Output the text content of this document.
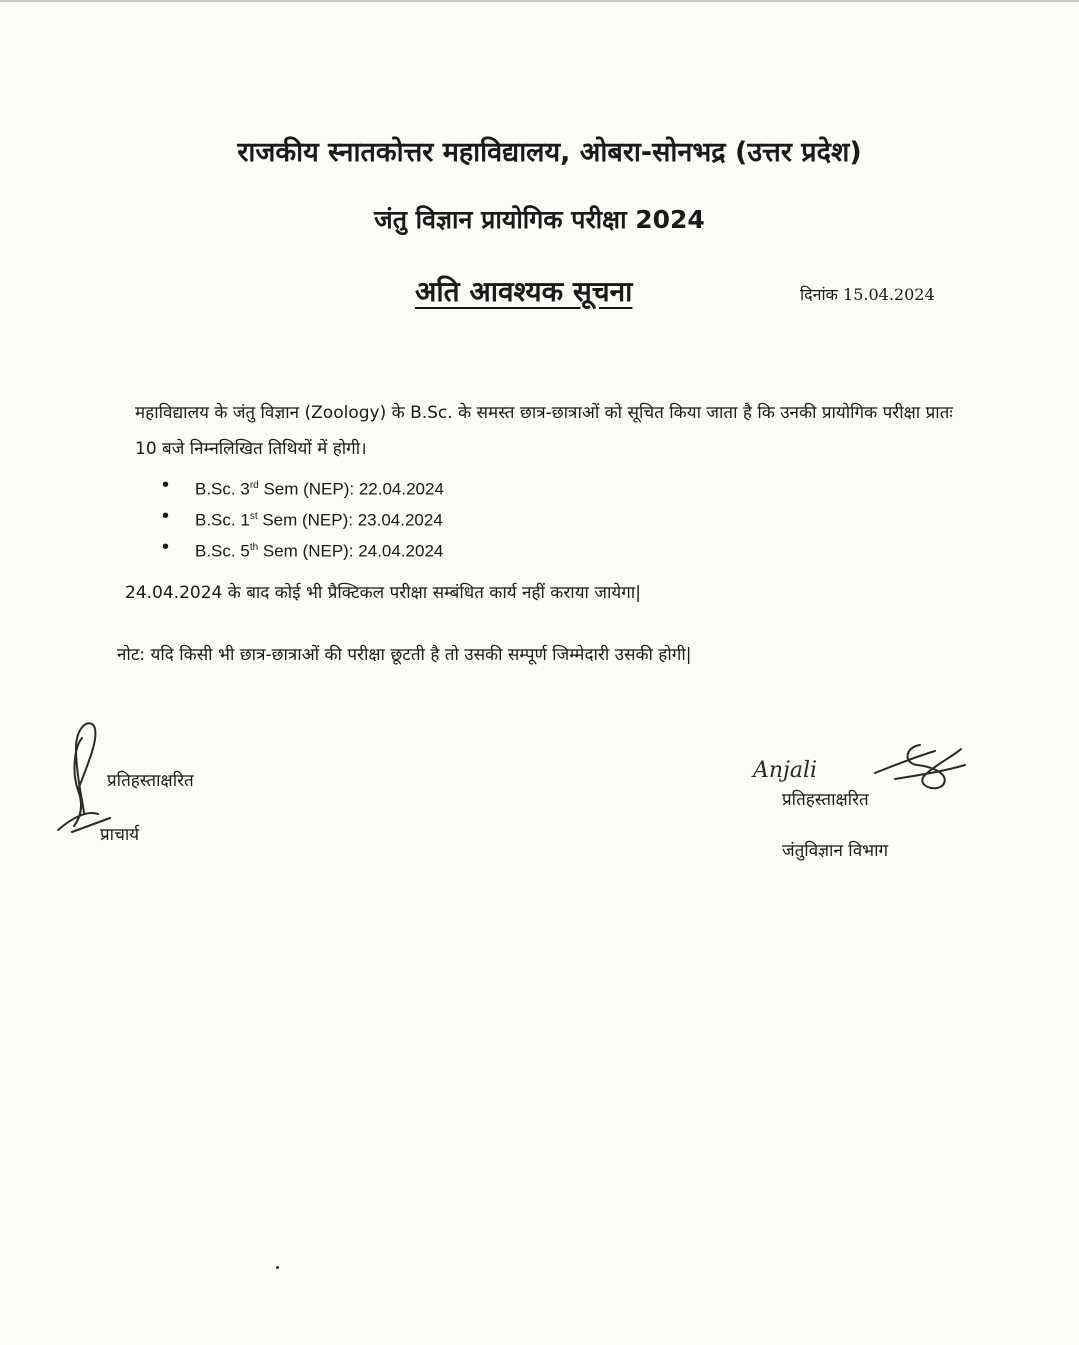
राजकीय स्नातकोत्तर महाविद्यालय, ओबरा-सोनभद्र (उत्तर प्रदेश)
जंतु विज्ञान प्रायोगिक परीक्षा 2024
अति आवश्यक सूचना	दिनांक 15.04.2024
महाविद्यालय के जंतु विज्ञान (Zoology) के B.Sc. के समस्त छात्र-छात्राओं को सूचित किया जाता है कि उनकी प्रायोगिक परीक्षा प्रातः 10 बजे निम्नलिखित तिथियों में होगी।
• B.Sc. 3rd Sem (NEP): 22.04.2024
• B.Sc. 1st Sem (NEP): 23.04.2024
• B.Sc. 5th Sem (NEP): 24.04.2024
24.04.2024 के बाद कोई भी प्रैक्टिकल परीक्षा सम्बंधित कार्य नहीं कराया जायेगा|
नोट: यदि किसी भी छात्र-छात्राओं की परीक्षा छूटती है तो उसकी सम्पूर्ण जिम्मेदारी उसकी होगी|
प्रतिहस्ताक्षरित
प्राचार्य
Anjali
प्रतिहस्ताक्षरित
जंतुविज्ञान विभाग
